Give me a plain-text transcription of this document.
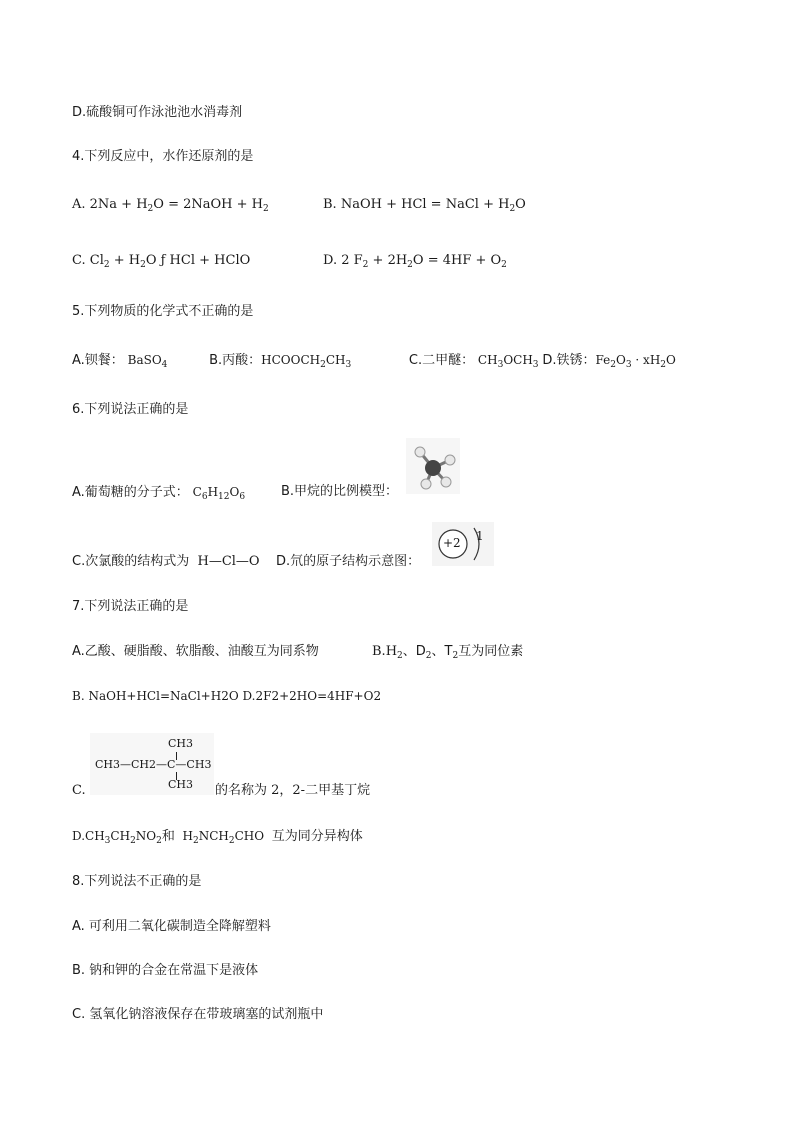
D.硫酸铜可作泳池池水消毒剂
4.下列反应中，水作还原剂的是
A. $2Na + H_2O$ = 2NaOH + $H_2$	B. NaOH + HCl = NaCl + $H_2O$
C. $Cl_2 + H_2O$ ƒ HCl + HClO	D. 2 $F_2 + 2H_2O = 4HF + O_2$
5.下列物质的化学式不正确的是
A.钡餐： BaSO$_4$	B.丙酸：$HCOOCH_2CH_3$	C.二甲醚： $CH_3OCH_3$ D.铁锈：$Fe_2O_3 \cdot xH_2O$
6.下列说法正确的是
A.葡萄糖的分子式： $C_6H_{12}O_6$	B.甲烷的比例模型：
C.次氯酸的结构式为 H—Cl—O D.氘的原子结构示意图：
+2 1
7.下列说法正确的是
A.乙酸、硬脂酸、软脂酸、油酸互为同系物	$B.H_2$、$D_2$、$T_2$互为同位素
B. NaOH+HCl=NaCl+H2O D.2F2+2HO=4HF+O2
C.
CH3
CH3—CH2—C—CH3
CH3 的名称为 2，2-二甲基丁烷
$D.CH_3CH_2NO_2$和 $H_2NCH_2CHO$ 互为同分异构体
8.下列说法不正确的是
A. 可利用二氧化碳制造全降解塑料
B. 钠和钾的合金在常温下是液体
C. 氢氧化钠溶液保存在带玻璃塞的试剂瓶中
